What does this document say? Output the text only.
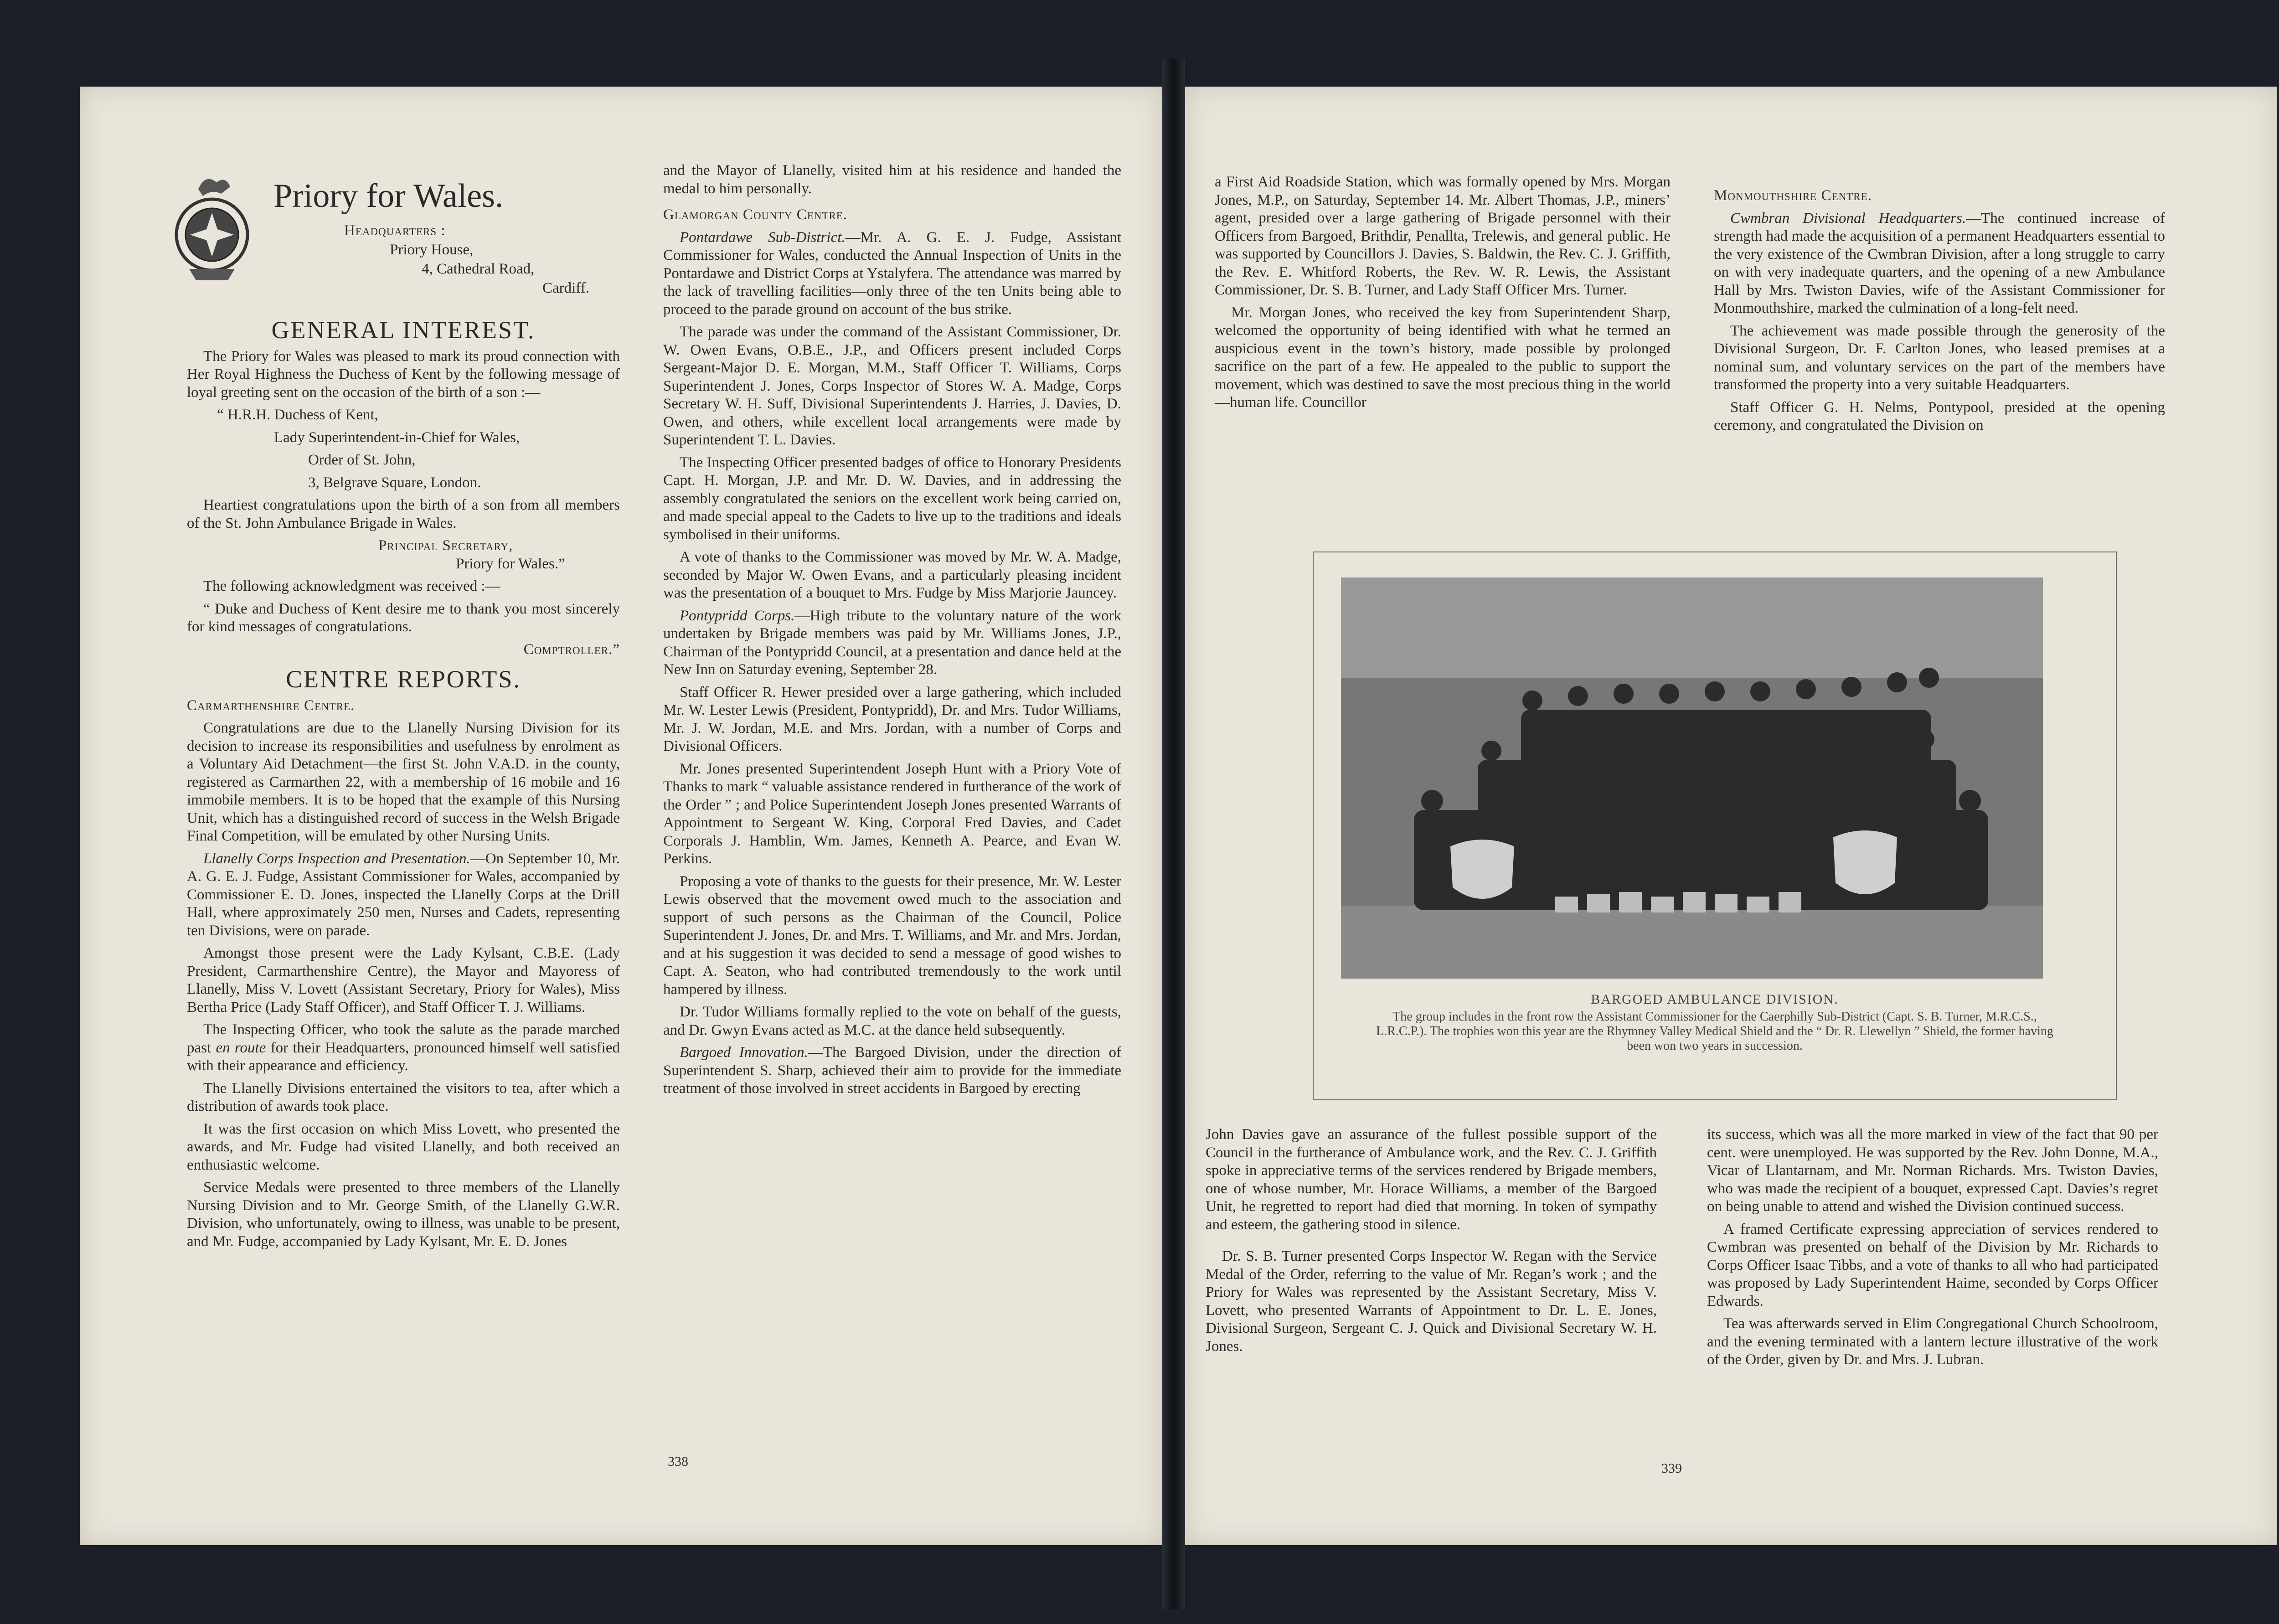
Priory for Wales.
Headquarters :
Priory House,
4, Cathedral Road,
Cardiff.
GENERAL INTEREST.

The Priory for Wales was pleased to mark its proud connection with Her Royal Highness the Duchess of Kent by the following message of loyal greeting sent on the occasion of the birth of a son :—

“ H.R.H. Duchess of Kent,

Lady Superintendent-in-Chief for Wales,

Order of St. John,

3, Belgrave Square, London.

Heartiest congratulations upon the birth of a son from all members of the St. John Ambulance Brigade in Wales.

Principal Secretary,

Priory for Wales.”

The following acknowledgment was received :—

“ Duke and Duchess of Kent desire me to thank you most sincerely for kind messages of congratulations.

Comptroller.”

CENTRE REPORTS.

Carmarthenshire Centre.

Congratulations are due to the Llanelly Nursing Division for its decision to increase its responsibilities and usefulness by enrolment as a Voluntary Aid Detachment—the first St. John V.A.D. in the county, registered as Carmarthen 22, with a membership of 16 mobile and 16 immobile members. It is to be hoped that the example of this Nursing Unit, which has a distinguished record of success in the Welsh Brigade Final Competition, will be emulated by other Nursing Units.

Llanelly Corps Inspection and Presentation.—On September 10, Mr. A. G. E. J. Fudge, Assistant Commissioner for Wales, accompanied by Commissioner E. D. Jones, inspected the Llanelly Corps at the Drill Hall, where approximately 250 men, Nurses and Cadets, representing ten Divisions, were on parade.

Amongst those present were the Lady Kylsant, C.B.E. (Lady President, Carmarthenshire Centre), the Mayor and Mayoress of Llanelly, Miss V. Lovett (Assistant Secretary, Priory for Wales), Miss Bertha Price (Lady Staff Officer), and Staff Officer T. J. Williams.

The Inspecting Officer, who took the salute as the parade marched past en route for their Headquarters, pronounced himself well satisfied with their appearance and efficiency.

The Llanelly Divisions entertained the visitors to tea, after which a distribution of awards took place.

It was the first occasion on which Miss Lovett, who presented the awards, and Mr. Fudge had visited Llanelly, and both received an enthusiastic welcome.

Service Medals were presented to three members of the Llanelly Nursing Division and to Mr. George Smith, of the Llanelly G.W.R. Division, who unfortunately, owing to illness, was unable to be present, and Mr. Fudge, accompanied by Lady Kylsant, Mr. E. D. Jones

and the Mayor of Llanelly, visited him at his residence and handed the medal to him personally.

Glamorgan County Centre.

Pontardawe Sub-District.—Mr. A. G. E. J. Fudge, Assistant Commissioner for Wales, conducted the Annual Inspection of Units in the Pontardawe and District Corps at Ystalyfera. The attendance was marred by the lack of travelling facilities—only three of the ten Units being able to proceed to the parade ground on account of the bus strike.

The parade was under the command of the Assistant Commissioner, Dr. W. Owen Evans, O.B.E., J.P., and Officers present included Corps Sergeant-Major D. E. Morgan, M.M., Staff Officer T. Williams, Corps Superintendent J. Jones, Corps Inspector of Stores W. A. Madge, Corps Secretary W. H. Suff, Divisional Superintendents J. Harries, J. Davies, D. Owen, and others, while excellent local arrangements were made by Superintendent T. L. Davies.

The Inspecting Officer presented badges of office to Honorary Presidents Capt. H. Morgan, J.P. and Mr. D. W. Davies, and in addressing the assembly congratulated the seniors on the excellent work being carried on, and made special appeal to the Cadets to live up to the traditions and ideals symbolised in their uniforms.

A vote of thanks to the Commissioner was moved by Mr. W. A. Madge, seconded by Major W. Owen Evans, and a particularly pleasing incident was the presentation of a bouquet to Mrs. Fudge by Miss Marjorie Jauncey.

Pontypridd Corps.—High tribute to the voluntary nature of the work undertaken by Brigade members was paid by Mr. Williams Jones, J.P., Chairman of the Pontypridd Council, at a presentation and dance held at the New Inn on Saturday evening, September 28.

Staff Officer R. Hewer presided over a large gathering, which included Mr. W. Lester Lewis (President, Pontypridd), Dr. and Mrs. Tudor Williams, Mr. J. W. Jordan, M.E. and Mrs. Jordan, with a number of Corps and Divisional Officers.

Mr. Jones presented Superintendent Joseph Hunt with a Priory Vote of Thanks to mark “ valuable assistance rendered in furtherance of the work of the Order ” ; and Police Superintendent Joseph Jones presented Warrants of Appointment to Sergeant W. King, Corporal Fred Davies, and Cadet Corporals J. Hamblin, Wm. James, Kenneth A. Pearce, and Evan W. Perkins.

Proposing a vote of thanks to the guests for their presence, Mr. W. Lester Lewis observed that the movement owed much to the association and support of such persons as the Chairman of the Council, Police Superintendent J. Jones, Dr. and Mrs. T. Williams, and Mr. and Mrs. Jordan, and at his suggestion it was decided to send a message of good wishes to Capt. A. Seaton, who had contributed tremendously to the work until hampered by illness.

Dr. Tudor Williams formally replied to the vote on behalf of the guests, and Dr. Gwyn Evans acted as M.C. at the dance held subsequently.

Bargoed Innovation.—The Bargoed Division, under the direction of Superintendent S. Sharp, achieved their aim to provide for the immediate treatment of those involved in street accidents in Bargoed by erecting

338

a First Aid Roadside Station, which was formally opened by Mrs. Morgan Jones, M.P., on Saturday, September 14. Mr. Albert Thomas, J.P., miners’ agent, presided over a large gathering of Brigade personnel with their Officers from Bargoed, Brithdir, Penallta, Trelewis, and general public. He was supported by Councillors J. Davies, S. Baldwin, the Rev. C. J. Griffith, the Rev. E. Whitford Roberts, the Rev. W. R. Lewis, the Assistant Commissioner, Dr. S. B. Turner, and Lady Staff Officer Mrs. Turner.

Mr. Morgan Jones, who received the key from Superintendent Sharp, welcomed the opportunity of being identified with what he termed an auspicious event in the town’s history, made possible by prolonged sacrifice on the part of a few. He appealed to the public to support the movement, which was destined to save the most precious thing in the world—human life. Councillor

Monmouthshire Centre.

Cwmbran Divisional Headquarters.—The continued increase of strength had made the acquisition of a permanent Headquarters essential to the very existence of the Cwmbran Division, after a long struggle to carry on with very inadequate quarters, and the opening of a new Ambulance Hall by Mrs. Twiston Davies, wife of the Assistant Commissioner for Monmouthshire, marked the culmination of a long-felt need.

The achievement was made possible through the generosity of the Divisional Surgeon, Dr. F. Carlton Jones, who leased premises at a nominal sum, and voluntary services on the part of the members have transformed the property into a very suitable Headquarters.

Staff Officer G. H. Nelms, Pontypool, presided at the opening ceremony, and congratulated the Division on

BARGOED AMBULANCE DIVISION.
The group includes in the front row the Assistant Commissioner for the Caerphilly Sub-District (Capt. S. B. Turner, M.R.C.S., L.R.C.P.). The trophies won this year are the Rhymney Valley Medical Shield and the “ Dr. R. Llewellyn ” Shield, the former having been won two years in succession.

John Davies gave an assurance of the fullest possible support of the Council in the furtherance of Ambulance work, and the Rev. C. J. Griffith spoke in appreciative terms of the services rendered by Brigade members, one of whose number, Mr. Horace Williams, a member of the Bargoed Unit, he regretted to report had died that morning. In token of sympathy and esteem, the gathering stood in silence.

Dr. S. B. Turner presented Corps Inspector W. Regan with the Service Medal of the Order, referring to the value of Mr. Regan’s work ; and the Priory for Wales was represented by the Assistant Secretary, Miss V. Lovett, who presented Warrants of Appointment to Dr. L. E. Jones, Divisional Surgeon, Sergeant C. J. Quick and Divisional Secretary W. H. Jones.

its success, which was all the more marked in view of the fact that 90 per cent. were unemployed. He was supported by the Rev. John Donne, M.A., Vicar of Llantarnam, and Mr. Norman Richards. Mrs. Twiston Davies, who was made the recipient of a bouquet, expressed Capt. Davies’s regret on being unable to attend and wished the Division continued success.

A framed Certificate expressing appreciation of services rendered to Cwmbran was presented on behalf of the Division by Mr. Richards to Corps Officer Isaac Tibbs, and a vote of thanks to all who had participated was proposed by Lady Superintendent Haime, seconded by Corps Officer Edwards.

Tea was afterwards served in Elim Congregational Church Schoolroom, and the evening terminated with a lantern lecture illustrative of the work of the Order, given by Dr. and Mrs. J. Lubran.

339
